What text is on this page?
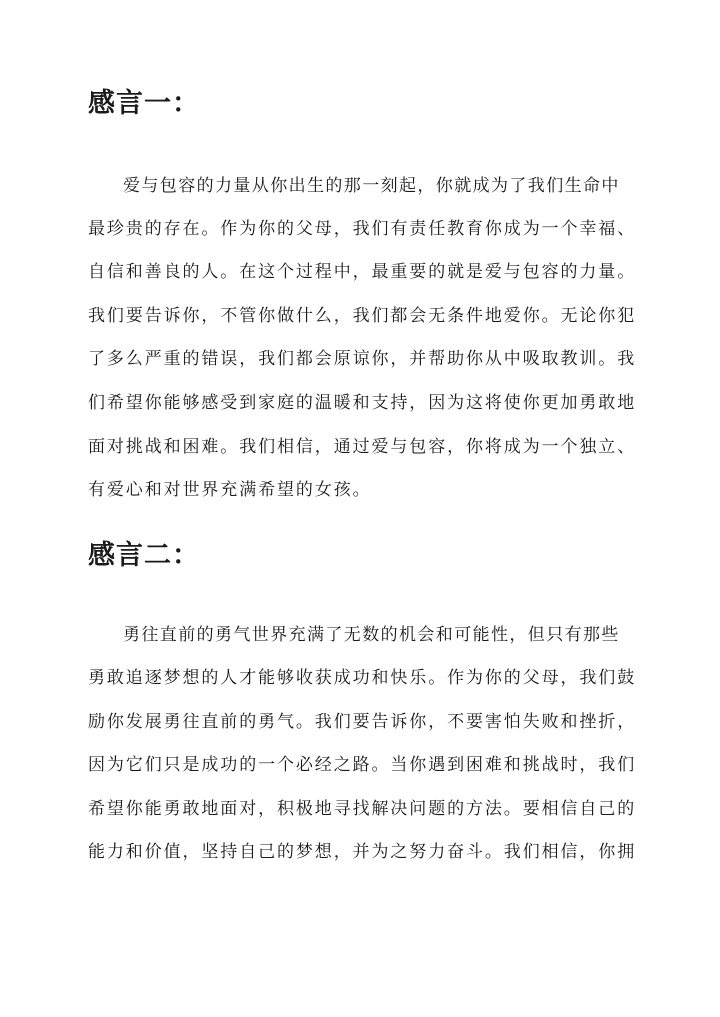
感言一：

爱与包容的力量从你出生的那一刻起，你就成为了我们生命中

最珍贵的存在。作为你的父母，我们有责任教育你成为一个幸福、

自信和善良的人。在这个过程中，最重要的就是爱与包容的力量。

我们要告诉你，不管你做什么，我们都会无条件地爱你。无论你犯

了多么严重的错误，我们都会原谅你，并帮助你从中吸取教训。我

们希望你能够感受到家庭的温暖和支持，因为这将使你更加勇敢地

面对挑战和困难。我们相信，通过爱与包容，你将成为一个独立、

有爱心和对世界充满希望的女孩。

感言二：

勇往直前的勇气世界充满了无数的机会和可能性，但只有那些

勇敢追逐梦想的人才能够收获成功和快乐。作为你的父母，我们鼓

励你发展勇往直前的勇气。我们要告诉你，不要害怕失败和挫折，

因为它们只是成功的一个必经之路。当你遇到困难和挑战时，我们

希望你能勇敢地面对，积极地寻找解决问题的方法。要相信自己的

能力和价值，坚持自己的梦想，并为之努力奋斗。我们相信，你拥
